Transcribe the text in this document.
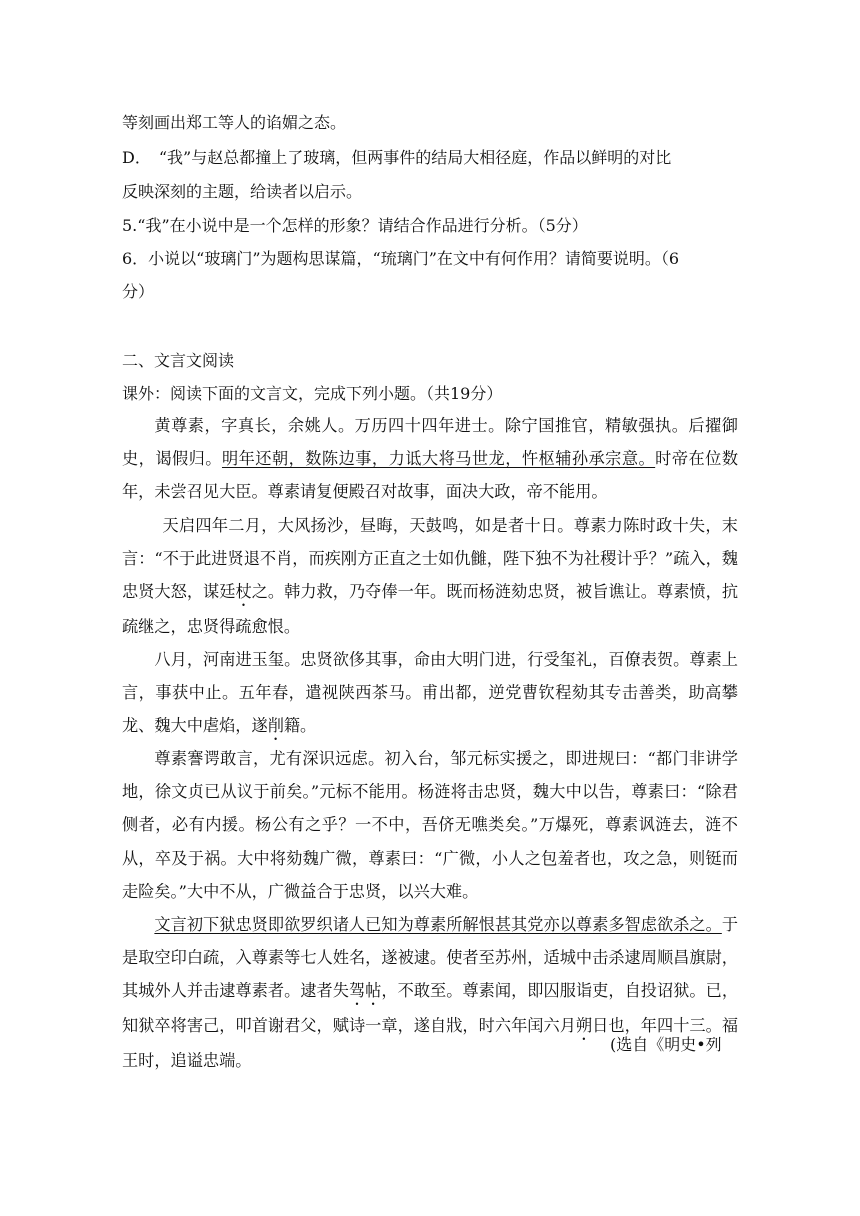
等刻画出郑工等人的谄媚之态。
D．　“我”与赵总都撞上了玻璃，但两事件的结局大相径庭，作品以鲜明的对比
反映深刻的主题，给读者以启示。
5.“我”在小说中是一个怎样的形象？请结合作品进行分析。（5分）
6．小说以“玻璃门”为题构思谋篇，“琉璃门”在文中有何作用？请简要说明。（6
分）
二、文言文阅读
课外：阅读下面的文言文，完成下列小题。（共19分）
黄尊素，字真长，余姚人。万历四十四年进士。除宁国推官，精敏强执。后擢御史，谒假归。明年还朝，数陈边事，力诋大将马世龙，忤枢辅孙承宗意。时帝在位数年，未尝召见大臣。尊素请复便殿召对故事，面决大政，帝不能用。
天启四年二月，大风扬沙，昼晦，天鼓鸣，如是者十日。尊素力陈时政十失，末言：“不于此进贤退不肖，而疾刚方正直之士如仇雠，陛下独不为社稷计乎？”疏入，魏忠贤大怒，谋廷杖之。韩力救，乃夺俸一年。既而杨涟劾忠贤，被旨谯让。尊素愤，抗疏继之，忠贤得疏愈恨。
八月，河南进玉玺。忠贤欲侈其事，命由大明门进，行受玺礼，百僚表贺。尊素上言，事获中止。五年春，遣视陕西茶马。甫出都，逆党曹钦程劾其专击善类，助高攀龙、魏大中虐焰，遂削籍。
尊素謇谔敢言，尤有深识远虑。初入台，邹元标实援之，即进规曰：“都门非讲学地，徐文贞已从议于前矣。”元标不能用。杨涟将击忠贤，魏大中以告，尊素曰：“除君侧者，必有内援。杨公有之乎？一不中，吾侪无噍类矣。”万爆死，尊素讽涟去，涟不从，卒及于祸。大中将劾魏广微，尊素曰：“广微，小人之包羞者也，攻之急，则铤而走险矣。”大中不从，广微益合于忠贤，以兴大难。
文言初下狱忠贤即欲罗织诸人已知为尊素所解恨甚其党亦以尊素多智虑欲杀之。于是取空印白疏，入尊素等七人姓名，遂被逮。使者至苏州，适城中击杀逮周顺昌旗尉，其城外人并击逮尊素者。逮者失驾帖，不敢至。尊素闻，即囚服诣吏，自投诏狱。已，知狱卒将害己，叩首谢君父，赋诗一章，遂自戕，时六年闰六月朔日也，年四十三。福王时，追谥忠端。
(选自《明史•列
